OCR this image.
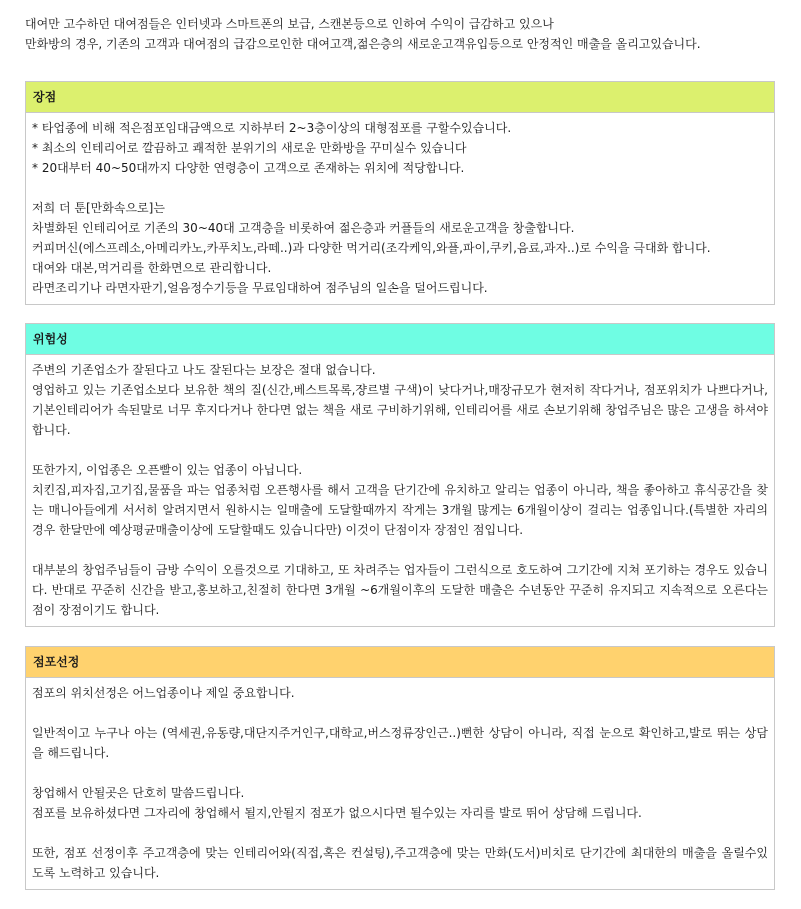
대여만 고수하던 대여점들은 인터넷과 스마트폰의 보급, 스캔본등으로 인하여 수익이 급감하고 있으나

만화방의 경우, 기존의 고객과 대여점의 급감으로인한 대여고객,젊은층의 새로운고객유입등으로 안정적인 매출을 올리고있습니다.

장점

* 타업종에 비해 적은점포임대금액으로 지하부터 2~3층이상의 대형점포를 구할수있습니다.

* 최소의 인테리어로 깔끔하고 쾌적한 분위기의 새로운 만화방을 꾸미실수 있습니다

* 20대부터 40~50대까지 다양한 연령층이 고객으로 존재하는 위치에 적당합니다.

저희 더 툰[만화속으로]는

차별화된 인테리어로 기존의 30~40대 고객층을 비롯하여 젊은층과 커플들의 새로운고객을 창출합니다.

커피머신(에스프레소,아메리카노,카푸치노,라떼..)과 다양한 먹거리(조각케익,와플,파이,쿠키,음료,과자..)로 수익을 극대화 합니다.

대여와 대본,먹거리를 한화면으로 관리합니다.

라면조리기나 라면자판기,얼음정수기등을 무료임대하여 점주님의 일손을 덜어드립니다.

위험성

주변의 기존업소가 잘된다고 나도 잘된다는 보장은 절대 없습니다.

영업하고 있는 기존업소보다 보유한 책의 질(신간,베스트목록,쟝르별 구색)이 낮다거나,매장규모가 현저히 작다거나, 점포위치가 나쁘다거나, 기본인테리어가 속된말로 너무 후지다거나 한다면 없는 책을 새로 구비하기위해, 인테리어를 새로 손보기위해 창업주님은 많은 고생을 하셔야 합니다.

또한가지, 이업종은 오픈빨이 있는 업종이 아닙니다.

치킨집,피자집,고기집,물품을 파는 업종처럼 오픈행사를 해서 고객을 단기간에 유치하고 알리는 업종이 아니라, 책을 좋아하고 휴식공간을 찾는 매니아들에게 서서히 알려지면서 원하시는 일매출에 도달할때까지 작게는 3개월 많게는 6개월이상이 걸리는 업종입니다.(특별한 자리의 경우 한달만에 예상평균매출이상에 도달할때도 있습니다만) 이것이 단점이자 장점인 점입니다.

대부분의 창업주님들이 금방 수익이 오를것으로 기대하고, 또 차려주는 업자들이 그런식으로 호도하여 그기간에 지쳐 포기하는 경우도 있습니다. 반대로 꾸준히 신간을 받고,홍보하고,친절히 한다면 3개월 ~6개월이후의 도달한 매출은 수년동안 꾸준히 유지되고 지속적으로 오른다는 점이 장점이기도 합니다.

점포선정

점포의 위치선정은 어느업종이나 제일 중요합니다.

일반적이고 누구나 아는 (역세권,유동량,대단지주거인구,대학교,버스정류장인근..)뻔한 상담이 아니라, 직접 눈으로 확인하고,발로 뛰는 상담을 해드립니다.

창업해서 안될곳은 단호히 말씀드립니다.

점포를 보유하셨다면 그자리에 창업해서 될지,안될지 점포가 없으시다면 될수있는 자리를 발로 뛰어 상담해 드립니다.

또한, 점포 선정이후 주고객층에 맞는 인테리어와(직접,혹은 컨설팅),주고객층에 맞는 만화(도서)비치로 단기간에 최대한의 매출을 올릴수있도록 노력하고 있습니다.
